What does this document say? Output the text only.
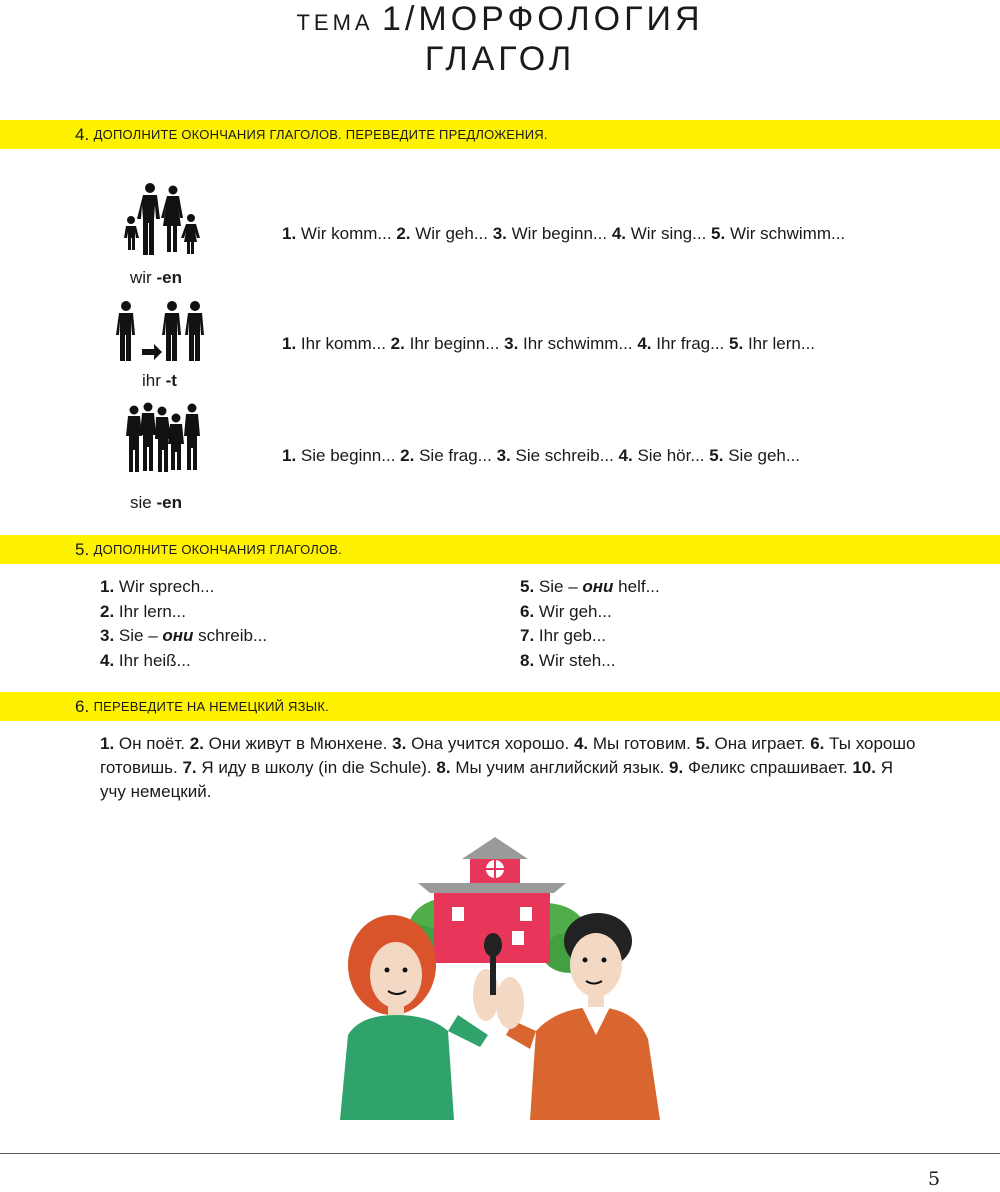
ТЕМА 1/МОРФОЛОГИЯ
ГЛАГОЛ
4.
ДОПОЛНИТЕ ОКОНЧАНИЯ ГЛАГОЛОВ. ПЕРЕВЕДИТЕ ПРЕДЛОЖЕНИЯ.
wir -en
1. Wir komm... 2. Wir geh... 3. Wir beginn... 4. Wir sing... 5. Wir schwimm...
ihr -t
1. Ihr komm... 2. Ihr beginn... 3. Ihr schwimm... 4. Ihr frag... 5. Ihr lern...
sie -en
1. Sie beginn... 2. Sie frag... 3. Sie schreib... 4. Sie hör... 5. Sie geh...
5.
ДОПОЛНИТЕ ОКОНЧАНИЯ ГЛАГОЛОВ.
1. Wir sprech...
2. Ihr lern...
3. Sie – они schreib...
4. Ihr heiß...
5. Sie – они helf...
6. Wir geh...
7. Ihr geb...
8. Wir steh...
6.
ПЕРЕВЕДИТЕ НА НЕМЕЦКИЙ ЯЗЫК.
1. Он поёт. 2. Они живут в Мюнхене. 3. Она учится хорошо. 4. Мы готовим. 5. Она играет. 6. Ты хорошо готовишь. 7. Я иду в школу (in die Schule). 8. Мы учим английский язык. 9. Феликс спрашивает. 10. Я учу немецкий.
5
